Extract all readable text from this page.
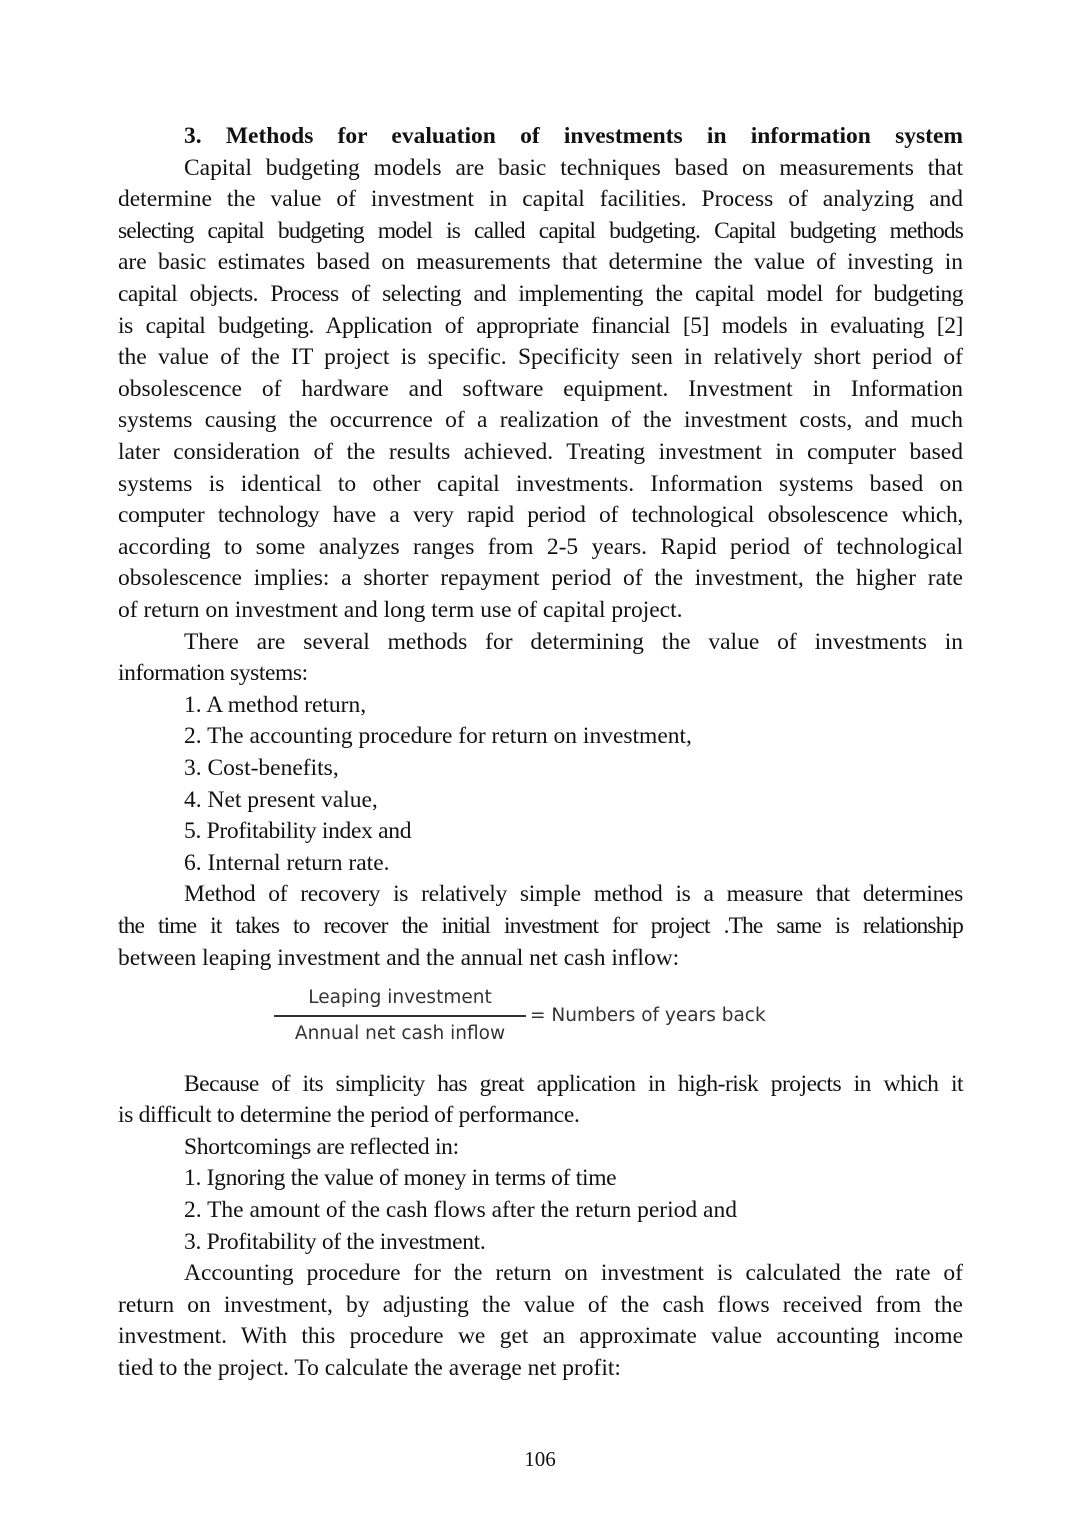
3. Methods for evaluation of investments in information system
Capital budgeting models are basic techniques based on measurements that
determine the value of investment in capital facilities. Process of analyzing and
selecting capital budgeting model is called capital budgeting. Capital budgeting methods
are basic estimates based on measurements that determine the value of investing in
capital objects. Process of selecting and implementing the capital model for budgeting
is capital budgeting. Application of appropriate financial [5] models in evaluating [2]
the value of the IT project is specific. Specificity seen in relatively short period of
obsolescence of hardware and software equipment. Investment in Information
systems causing the occurrence of a realization of the investment costs, and much
later consideration of the results achieved. Treating investment in computer based
systems is identical to other capital investments. Information systems based on
computer technology have a very rapid period of technological obsolescence which,
according to some analyzes ranges from 2-5 years. Rapid period of technological
obsolescence implies: a shorter repayment period of the investment, the higher rate
of return on investment and long term use of capital project.
There are several methods for determining the value of investments in
information systems:
1. A method return,
2. The accounting procedure for return on investment,
3. Cost-benefits,
4. Net present value,
5. Profitability index and
6. Internal return rate.
Method of recovery is relatively simple method is a measure that determines
the time it takes to recover the initial investment for project .The same is relationship
between leaping investment and the annual net cash inflow:
Leaping investment
Annual net cash inflow
= Numbers of years back
Because of its simplicity has great application in high-risk projects in which it
is difficult to determine the period of performance.
Shortcomings are reflected in:
1. Ignoring the value of money in terms of time
2. The amount of the cash flows after the return period and
3. Profitability of the investment.
Accounting procedure for the return on investment is calculated the rate of
return on investment, by adjusting the value of the cash flows received from the
investment. With this procedure we get an approximate value accounting income
tied to the project. To calculate the average net profit:
106
